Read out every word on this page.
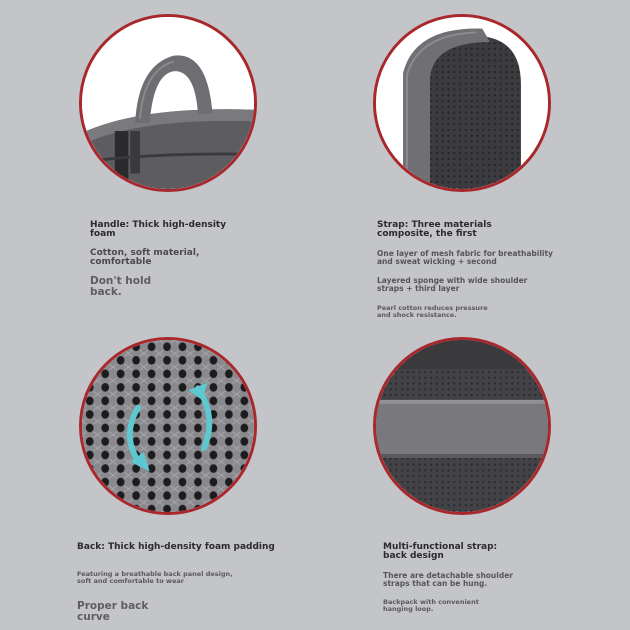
Handle: Thick high-density
foam
Cotton, soft material,
comfortable
Don't hold
back.
Strap: Three materials
composite, the first
One layer of mesh fabric for breathability
and sweat wicking + second
Layered sponge with wide shoulder
straps + third layer
Pearl cotton reduces pressure
and shock resistance.
Back: Thick high-density foam padding
Featuring a breathable back panel design,
soft and comfortable to wear
Proper back
curve
Multi-functional strap:
back design
There are detachable shoulder
straps that can be hung.
Backpack with convenient
hanging loop.
